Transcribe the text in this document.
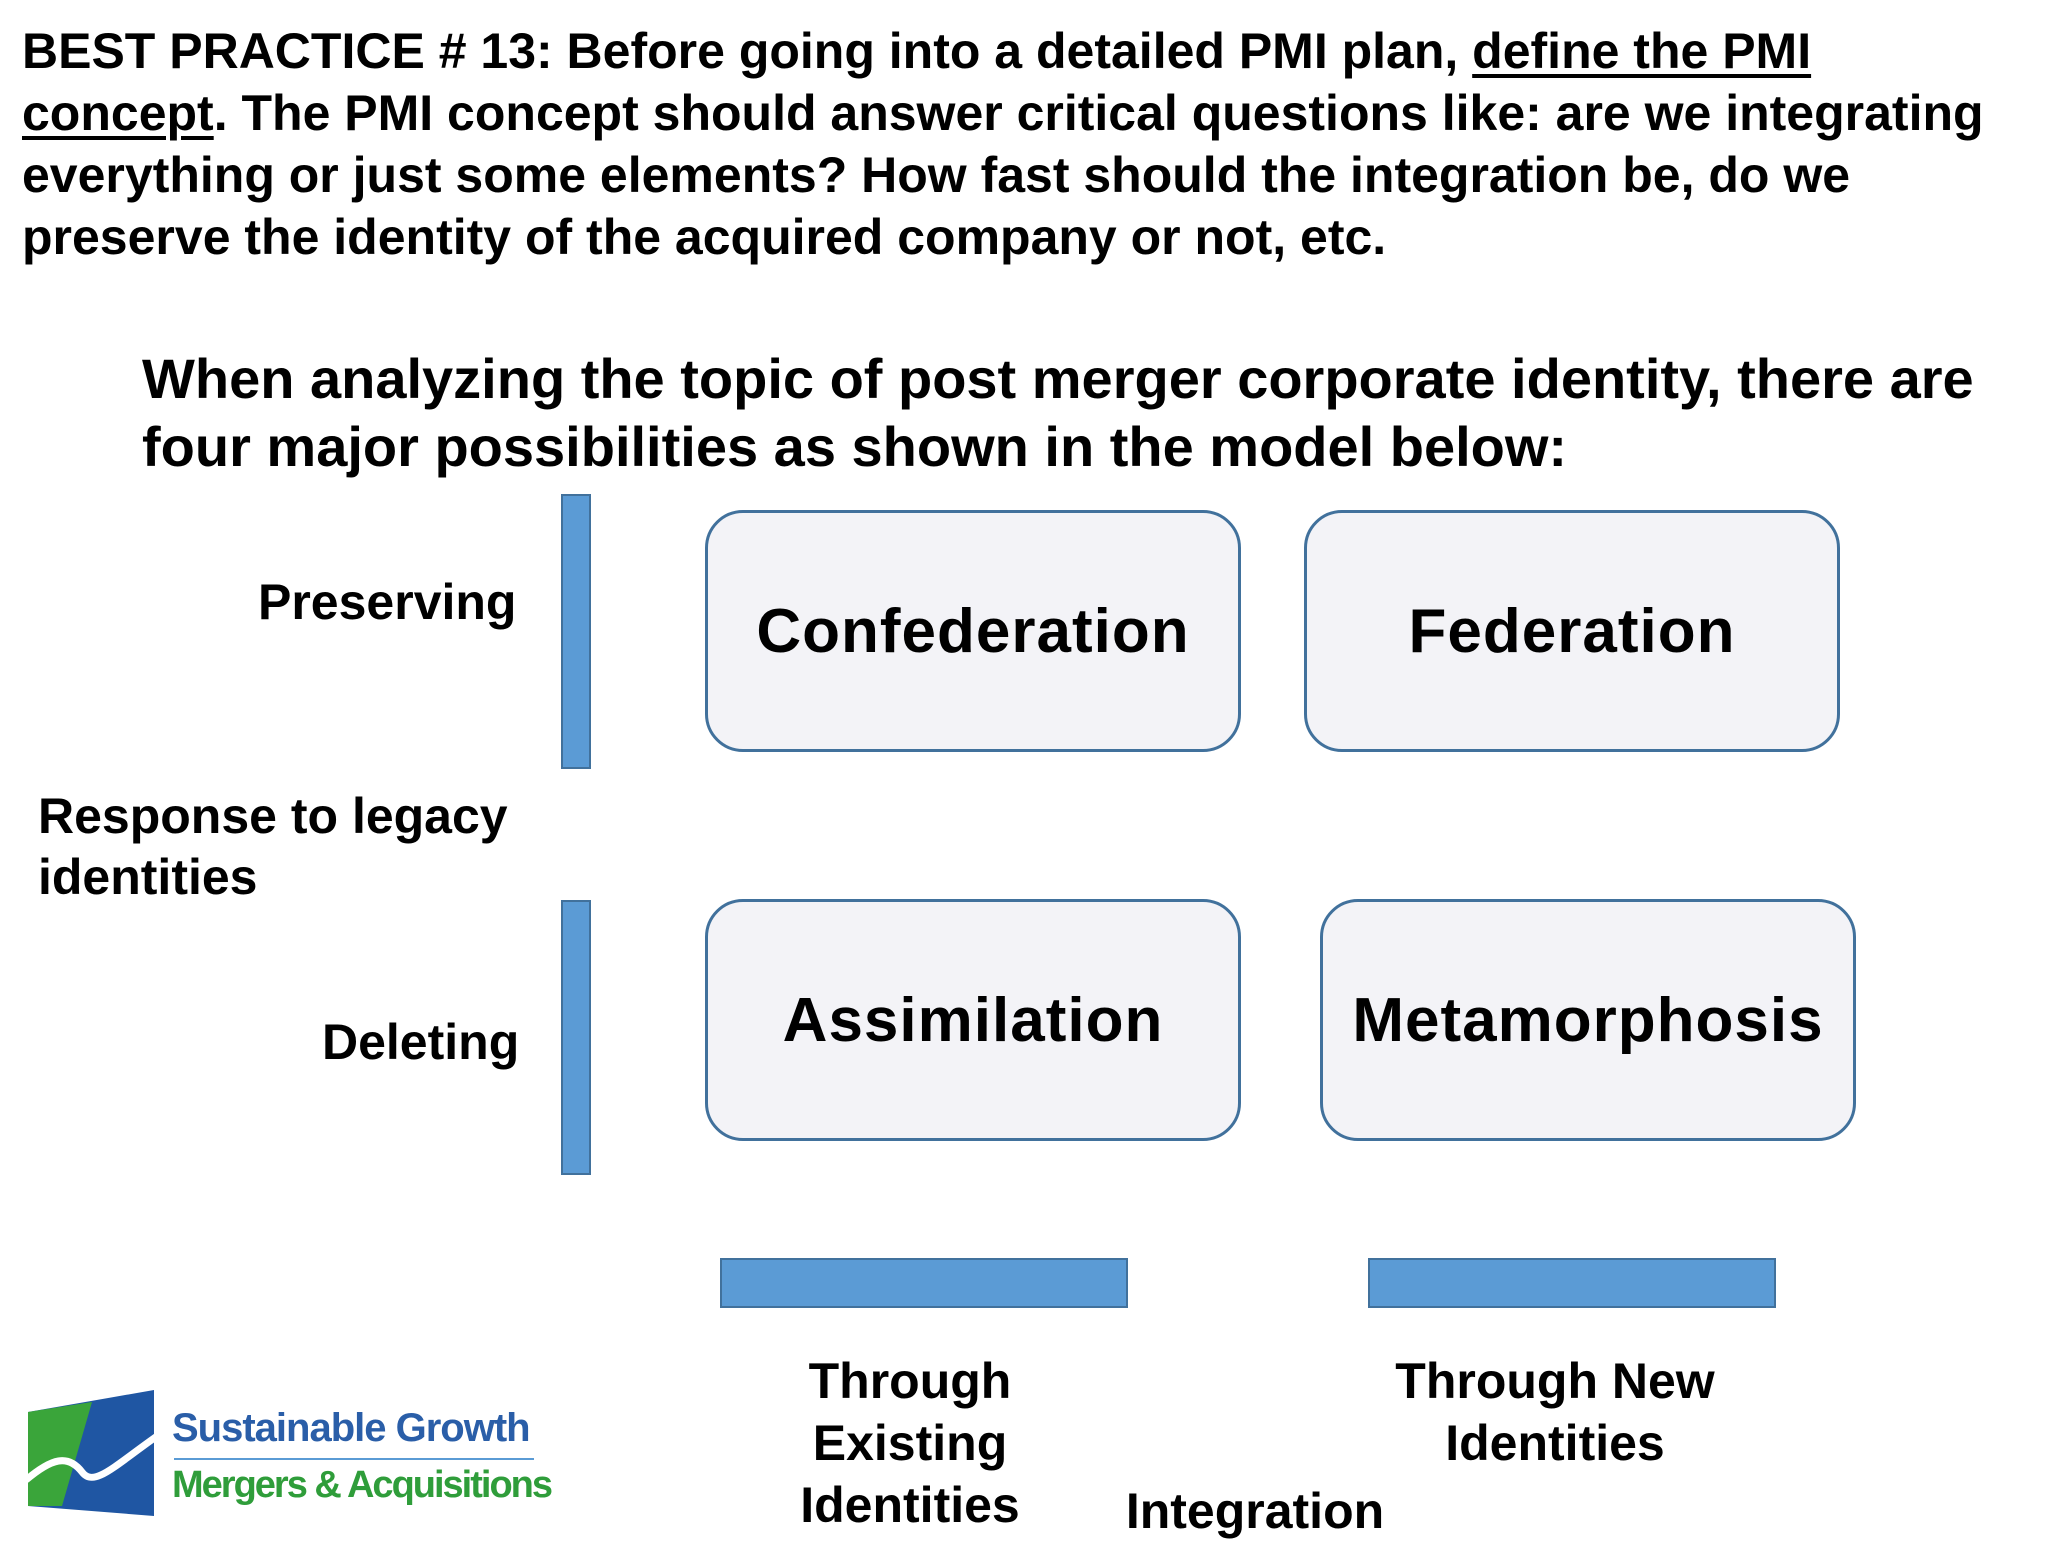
BEST PRACTICE # 13: Before going into a detailed PMI plan, define the PMI concept. The PMI concept should answer critical questions like: are we integrating everything or just some elements? How fast should the integration be, do we preserve the identity of the acquired company or not, etc.
When analyzing the topic of post merger corporate identity, there are four major possibilities as shown in the model below:
Preserving
Response to legacy
identities
Deleting
Confederation	Federation
Assimilation	Metamorphosis
Through
Existing
Identities
Through New
Identities
Integration
Sustainable Growth
Mergers & Acquisitions
